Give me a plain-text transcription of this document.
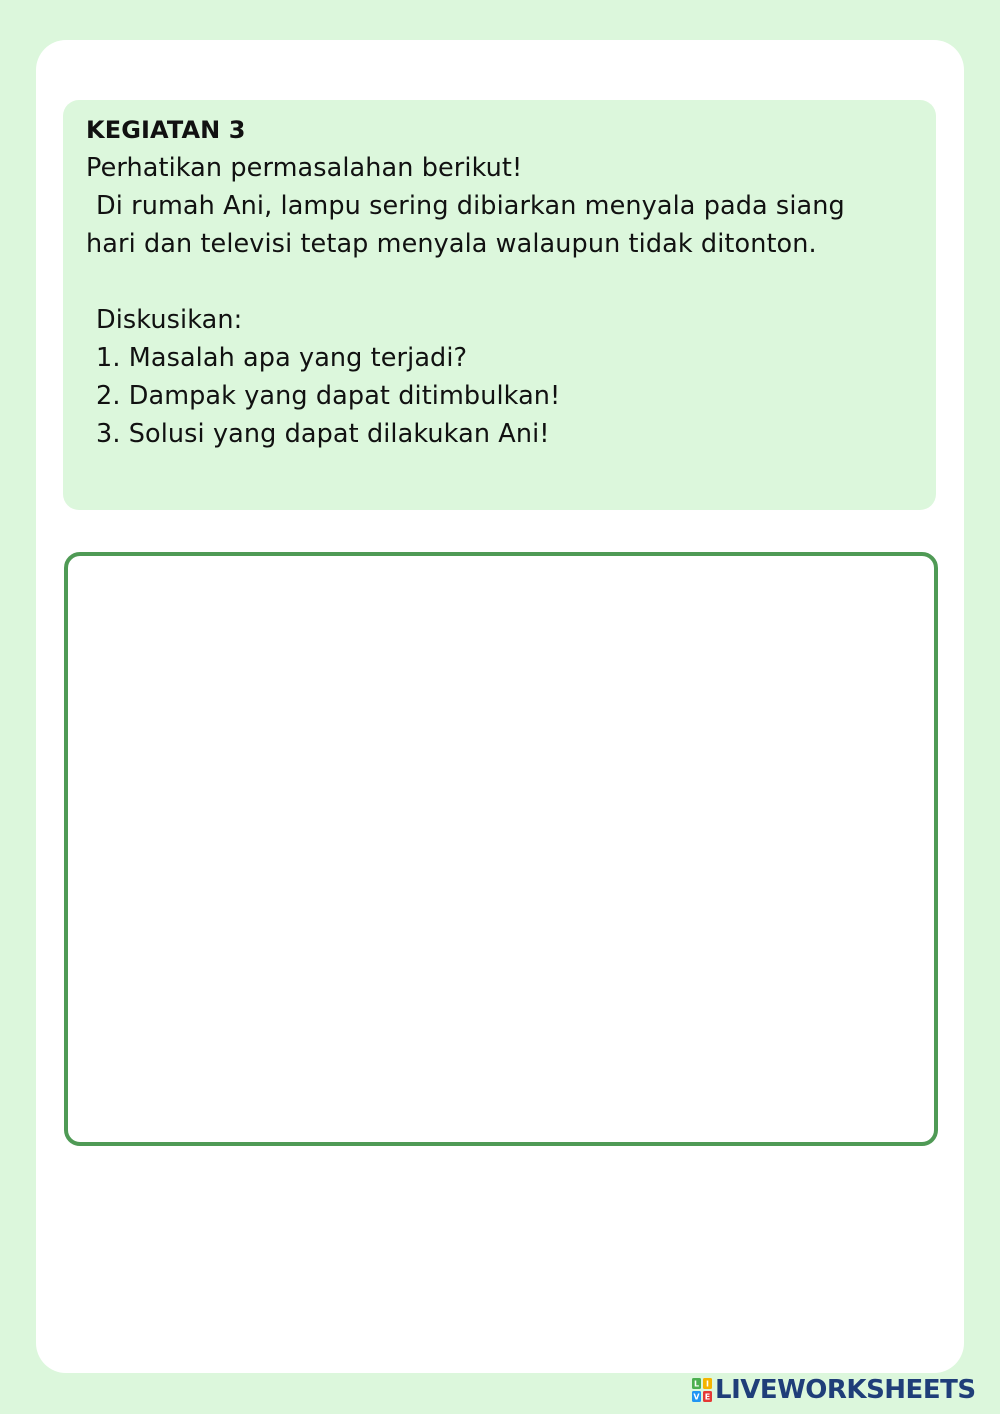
KEGIATAN 3
Perhatikan permasalahan berikut!
Di rumah Ani, lampu sering dibiarkan menyala pada siang
hari dan televisi tetap menyala walaupun tidak ditonton.
Diskusikan:
1. Masalah apa yang terjadi?
2. Dampak yang dapat ditimbulkan!
3. Solusi yang dapat dilakukan Ani!
L I
V E LIVEWORKSHEETS
